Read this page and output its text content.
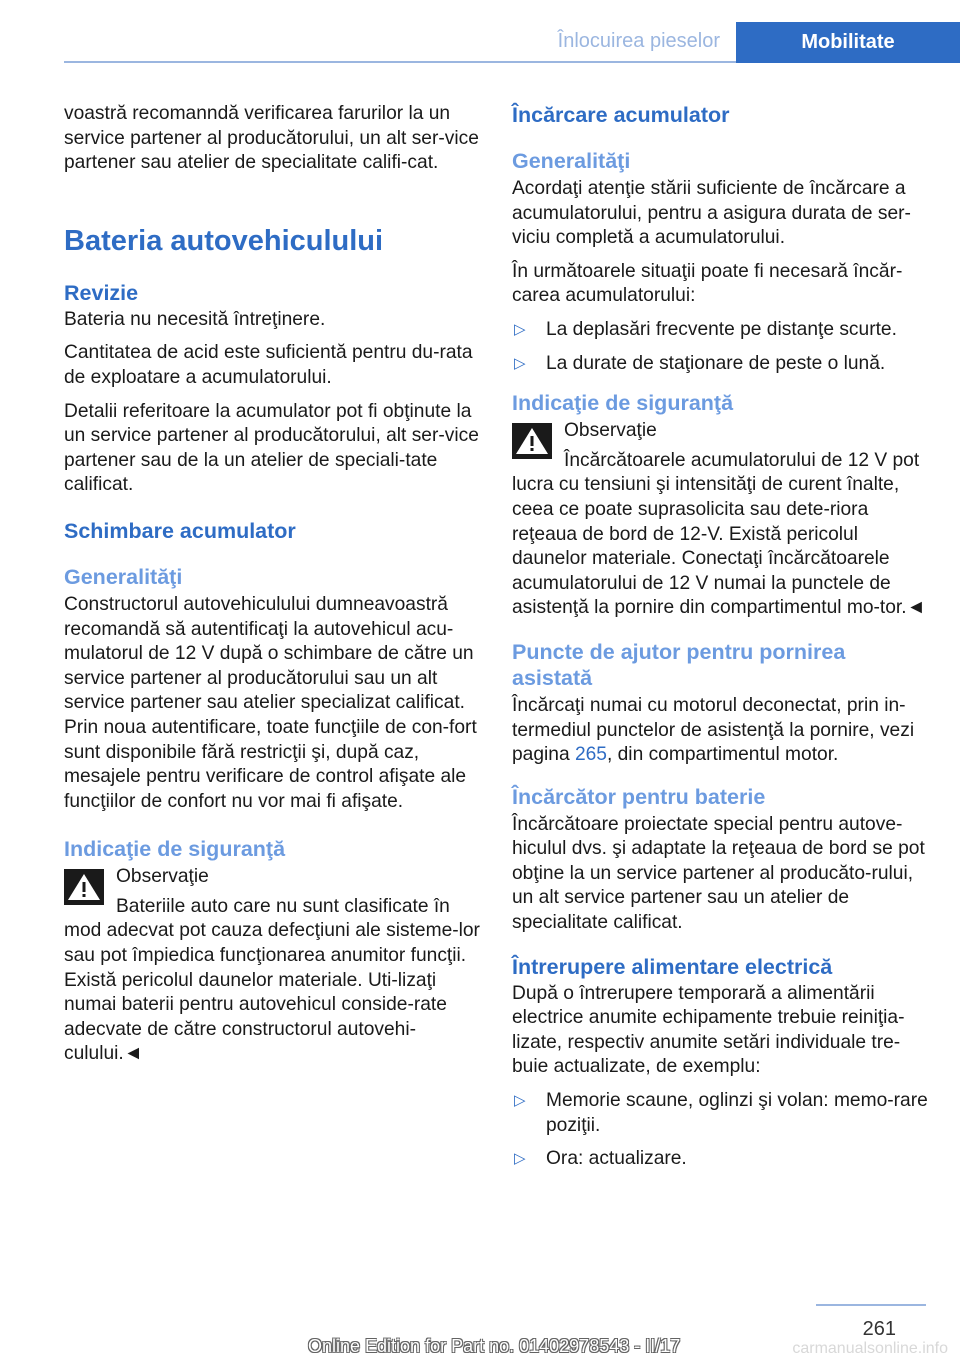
Înlocuirea pieselor	Mobilitate

voastră recomanndă verificarea farurilor la un service partener al producătorului, un alt ser‐vice partener sau atelier de specialitate califi‐cat.

Bateria autovehiculului
Revizie

Bateria nu necesită întreţinere.

Cantitatea de acid este suficientă pentru du‐rata de exploatare a acumulatorului.

Detalii referitoare la acumulator pot fi obţinute la un service partener al producătorului, alt ser‐vice partener sau de la un atelier de speciali‐tate calificat.

Schimbare acumulator
Generalităţi

Constructorul autovehiculului dumneavoastră recomandă să autentificaţi la autovehicul acu‐mulatorul de 12 V după o schimbare de către un service partener al producătorului sau un alt service partener sau atelier specializat calificat. Prin noua autentificare, toate funcţiile de con‐fort sunt disponibile fără restricţii şi, după caz, mesajele pentru verificare de control afişate ale funcţiilor de confort nu vor mai fi afişate.

Indicaţie de siguranţă

Observaţie

Bateriile auto care nu sunt clasificate în mod adecvat pot cauza defecţiuni ale sisteme‐lor sau pot împiedica funcţionarea anumitor funcţii. Există pericolul daunelor materiale. Uti‐lizaţi numai baterii pentru autovehicul conside‐rate adecvate de către constructorul autovehi‐culului.◄

Încărcare acumulator
Generalităţi

Acordaţi atenţie stării suficiente de încărcare a acumulatorului, pentru a asigura durata de ser‐viciu completă a acumulatorului.

În următoarele situaţii poate fi necesară încăr‐carea acumulatorului:

▷ La deplasări frecvente pe distanţe scurte.
▷ La durate de staţionare de peste o lună.
Indicaţie de siguranţă

Observaţie

Încărcătoarele acumulatorului de 12 V pot lucra cu tensiuni şi intensităţi de curent înalte, ceea ce poate suprasolicita sau dete‐riora reţeaua de bord de 12‑V. Există pericolul daunelor materiale. Conectaţi încărcătoarele acumulatorului de 12 V numai la punctele de asistenţă la pornire din compartimentul mo‐tor.◄

Puncte de ajutor pentru pornirea asistată

Încărcaţi numai cu motorul deconectat, prin in‐termediul punctelor de asistenţă la pornire, vezi pagina 265, din compartimentul motor.

Încărcător pentru baterie

Încărcătoare proiectate special pentru autove‐hiculul dvs. şi adaptate la reţeaua de bord se pot obţine la un service partener al producăto‐rului, un alt service partener sau un atelier de specialitate calificat.

Întrerupere alimentare electrică

După o întrerupere temporară a alimentării electrice anumite echipamente trebuie reiniţia‐lizate, respectiv anumite setări individuale tre‐buie actualizate, de exemplu:

▷ Memorie scaune, oglinzi şi volan: memo‐rare poziţii.
▷ Ora: actualizare.
261
Online Edition for Part no. 01402978543 - II/17	carmanualsonline.info
